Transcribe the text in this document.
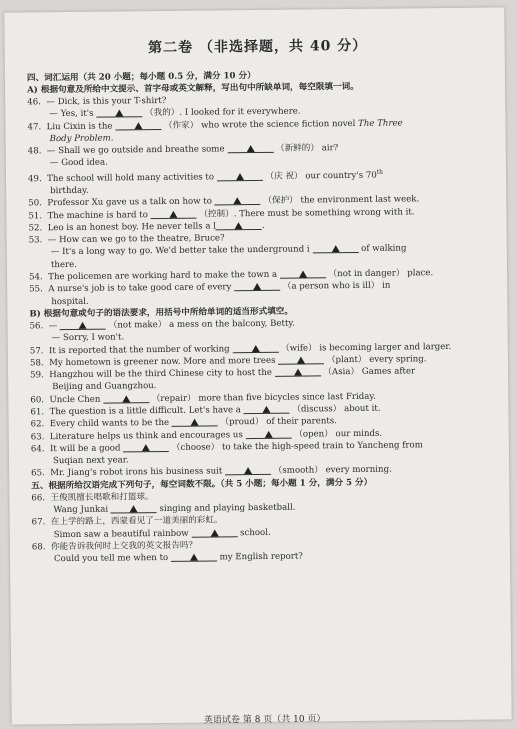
第二卷 （非选择题，共 40 分）
四、词汇运用（共 20 小题；每小题 0.5 分，满分 10 分）
A) 根据句意及所给中文提示、首字母或英文解释，写出句中所缺单词，每空限填一词。
46.  — Dick, is this your T-shirt?
— Yes, it's	（我的）. I looked for it everywhere.
47.  Liu Cixin is the	（作家） who wrote the science fiction novel The Three
Body Problem.
48.  — Shall we go outside and breathe some	（新鲜的） air?
— Good idea.
49.  The school will hold many activities to	（庆 祝） our country's 70th
birthday.
50.  Professor Xu gave us a talk on how to	（保护） the environment last week.
51.  The machine is hard to	（控制）. There must be something wrong with it.
52.  Leo is an honest boy. He never tells a l	.
53.  — How can we go to the theatre, Bruce?
— It's a long way to go. We'd better take the underground i	of walking
there.
54.  The policemen are working hard to make the town a	（not in danger） place.
55.  A nurse's job is to take good care of every	（a person who is ill） in
hospital.
B) 根据句意或句子的语法要求，用括号中所给单词的适当形式填空。
56.  —	（not make） a mess on the balcony, Betty.
— Sorry, I won't.
57.  It is reported that the number of working	（wife） is becoming larger and larger.
58.  My hometown is greener now. More and more trees	（plant） every spring.
59.  Hangzhou will be the third Chinese city to host the	（Asia） Games after
Beijing and Guangzhou.
60.  Uncle Chen	（repair） more than five bicycles since last Friday.
61.  The question is a little difficult. Let's have a	（discuss） about it.
62.  Every child wants to be the	（proud） of their parents.
63.  Literature helps us think and encourages us	（open） our minds.
64.  It will be a good	（choose） to take the high-speed train to Yancheng from
Suqian next year.
65.  Mr. Jiang's robot irons his business suit	（smooth） every morning.
五、根据所给汉语完成下列句子，每空词数不限。（共 5 小题；每小题 1 分，满分 5 分）
66.  王俊凯擅长唱歌和打篮球。
Wang Junkai	singing and playing basketball.
67.  在上学的路上，西蒙看见了一道美丽的彩虹。
Simon saw a beautiful rainbow	school.
68.  你能告诉我何时上交我的英文报告吗？
Could you tell me when to	my English report?
英语试卷 第 8 页（共 10 页）
